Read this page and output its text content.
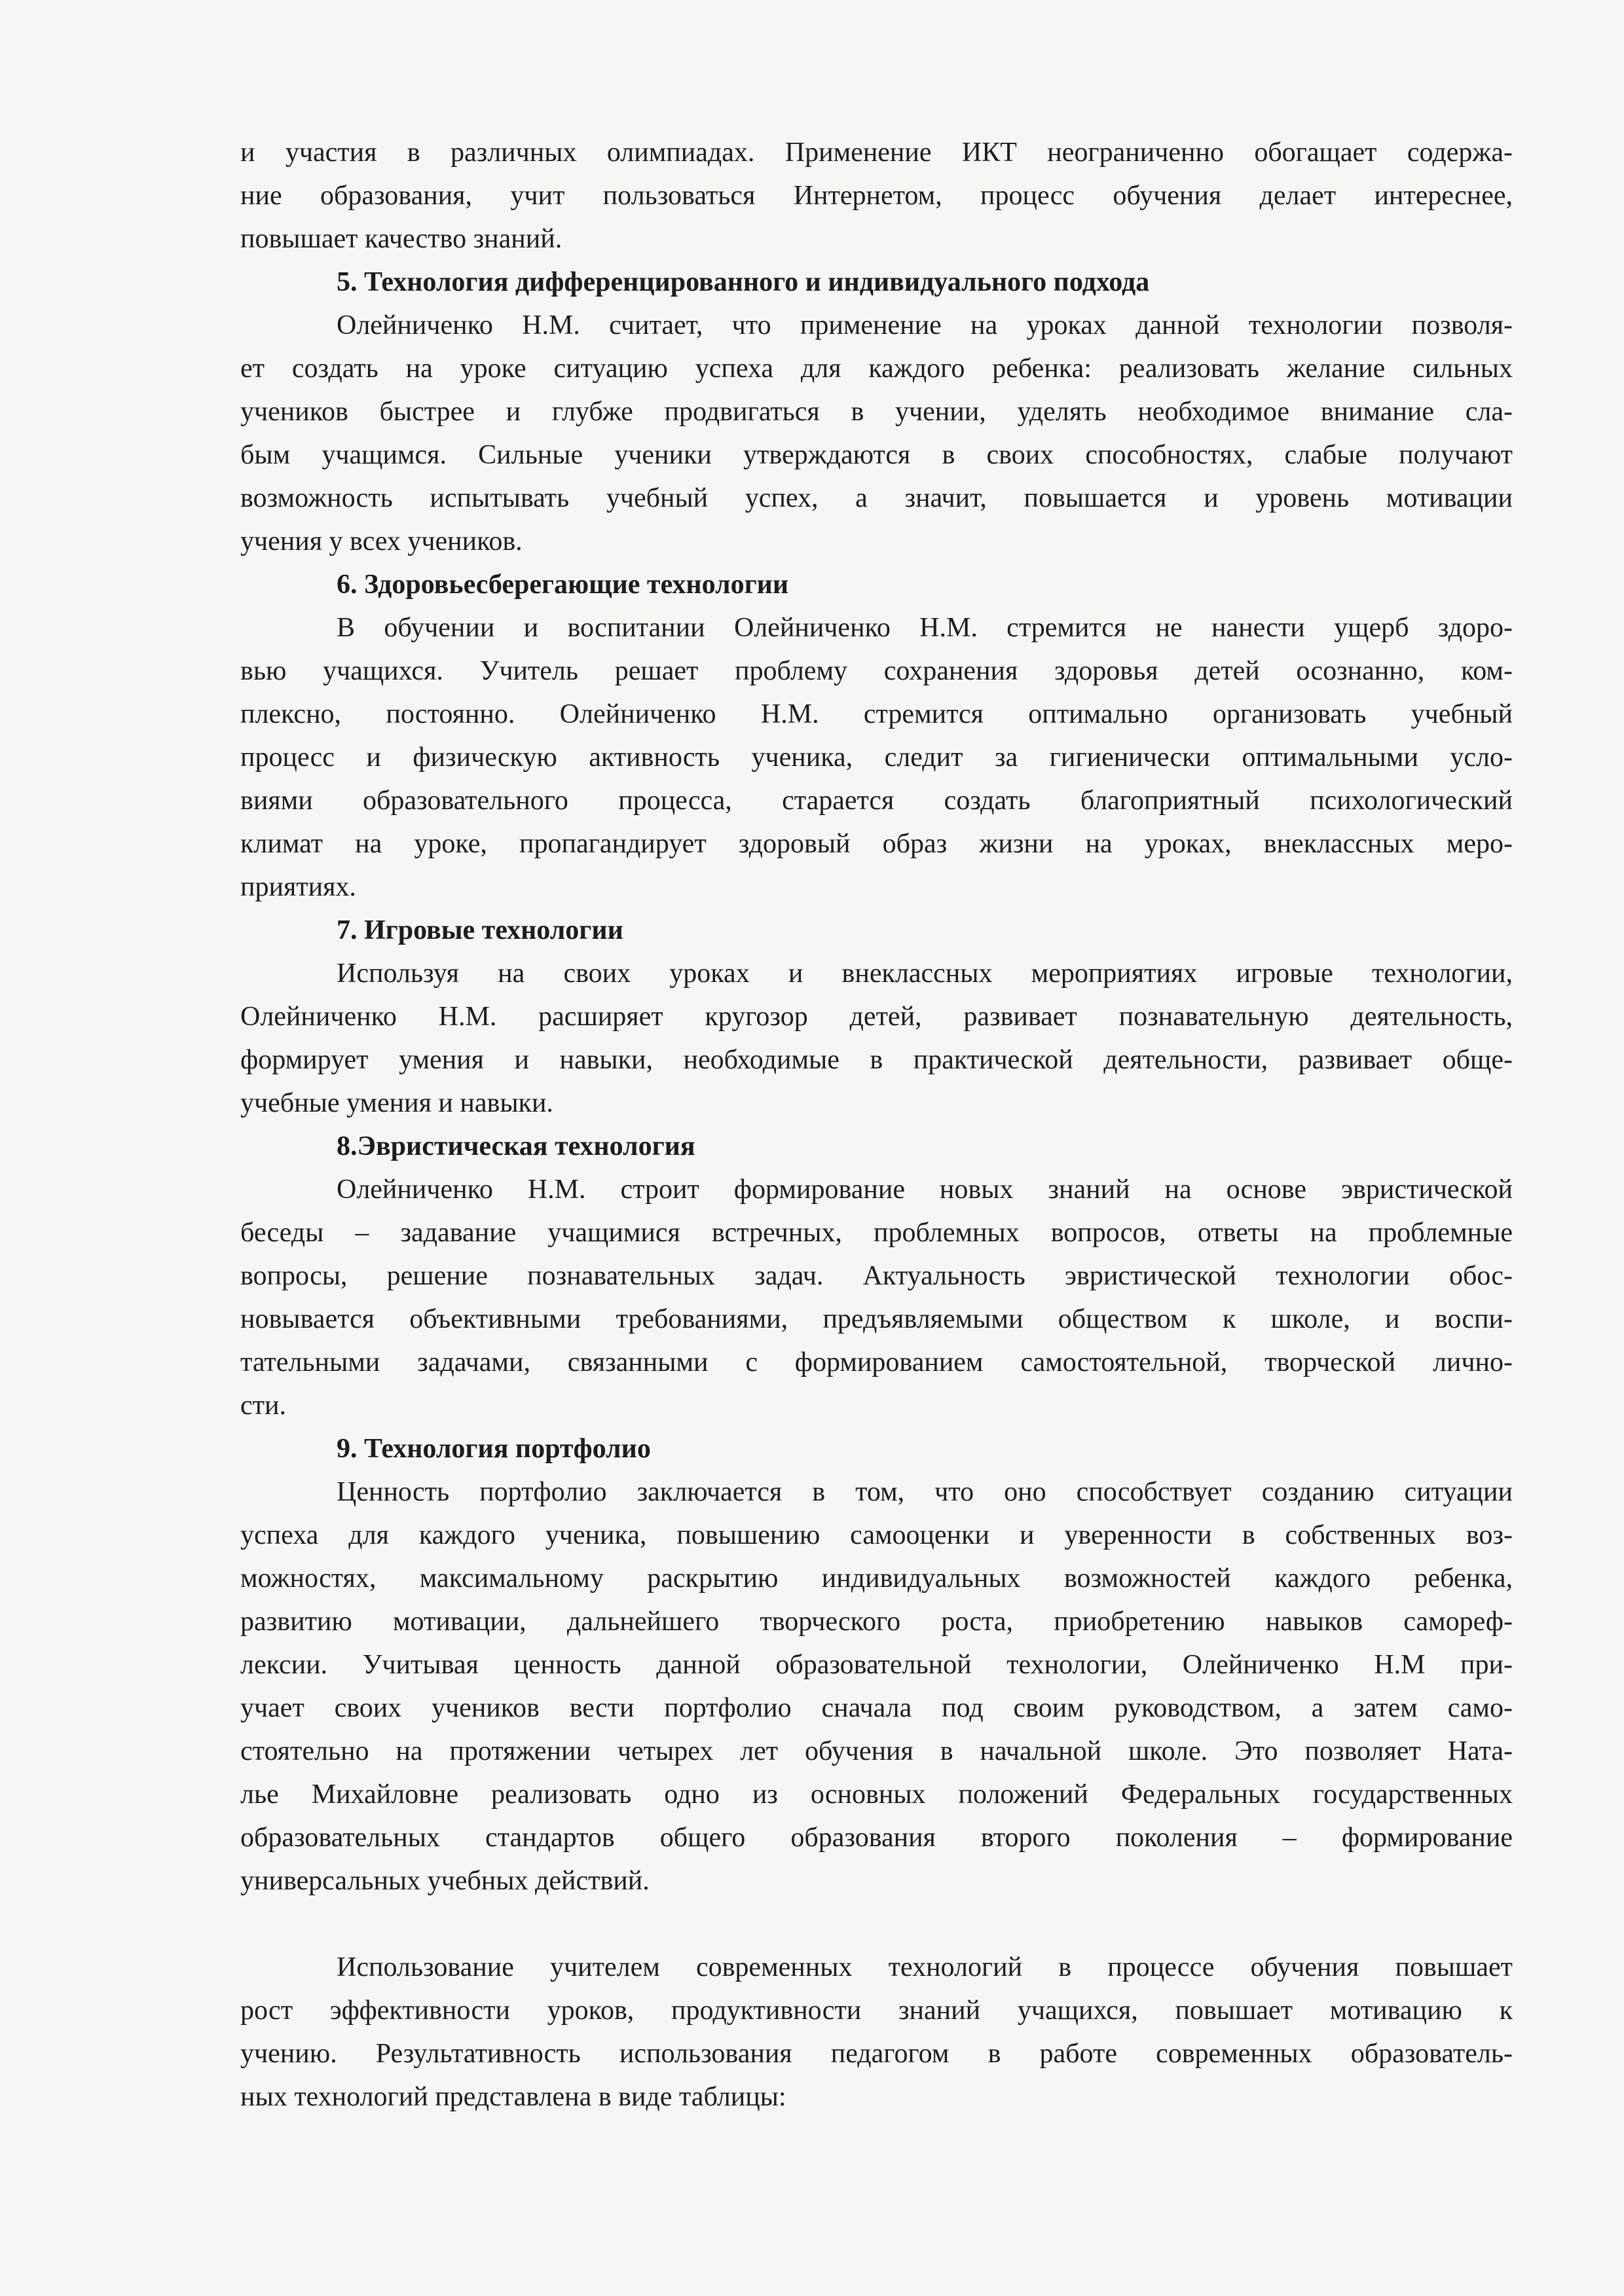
и участия в различных олимпиадах. Применение ИКТ неограниченно обогащает содержа-
ние образования, учит пользоваться Интернетом, процесс обучения делает интереснее,
повышает качество знаний.
5. Технология дифференцированного и индивидуального подхода
Олейниченко Н.М. считает, что применение на уроках данной технологии позволя-
ет создать на уроке ситуацию успеха для каждого ребенка: реализовать желание сильных
учеников быстрее и глубже продвигаться в учении, уделять необходимое внимание сла-
бым учащимся. Сильные ученики утверждаются в своих способностях, слабые получают
возможность испытывать учебный успех, а значит, повышается и уровень мотивации
учения у всех учеников.
6. Здоровьесберегающие технологии
В обучении и воспитании Олейниченко Н.М. стремится не нанести ущерб здоро-
вью учащихся. Учитель решает проблему сохранения здоровья детей осознанно, ком-
плексно, постоянно. Олейниченко Н.М. стремится оптимально организовать учебный
процесс и физическую активность ученика, следит за гигиенически оптимальными усло-
виями образовательного процесса, старается создать благоприятный психологический
климат на уроке, пропагандирует здоровый образ жизни на уроках, внеклассных меро-
приятиях.
7. Игровые технологии
Используя на своих уроках и внеклассных мероприятиях игровые технологии,
Олейниченко Н.М. расширяет кругозор детей, развивает познавательную деятельность,
формирует умения и навыки, необходимые в практической деятельности, развивает обще-
учебные умения и навыки.
8.Эвристическая технология
Олейниченко Н.М. строит формирование новых знаний на основе эвристической
беседы – задавание учащимися встречных, проблемных вопросов, ответы на проблемные
вопросы, решение познавательных задач. Актуальность эвристической технологии обос-
новывается объективными требованиями, предъявляемыми обществом к школе, и воспи-
тательными задачами, связанными с формированием самостоятельной, творческой лично-
сти.
9. Технология портфолио
Ценность портфолио заключается в том, что оно способствует созданию ситуации
успеха для каждого ученика, повышению самооценки и уверенности в собственных воз-
можностях, максимальному раскрытию индивидуальных возможностей каждого ребенка,
развитию мотивации, дальнейшего творческого роста, приобретению навыков самореф-
лексии. Учитывая ценность данной образовательной технологии, Олейниченко Н.М при-
учает своих учеников вести портфолио сначала под своим руководством, а затем само-
стоятельно на протяжении четырех лет обучения в начальной школе. Это позволяет Ната-
лье Михайловне реализовать одно из основных положений Федеральных государственных
образовательных стандартов общего образования второго поколения – формирование
универсальных учебных действий.
Использование учителем современных технологий в процессе обучения повышает
рост эффективности уроков, продуктивности знаний учащихся, повышает мотивацию к
учению. Результативность использования педагогом в работе современных образователь-
ных технологий представлена в виде таблицы:
